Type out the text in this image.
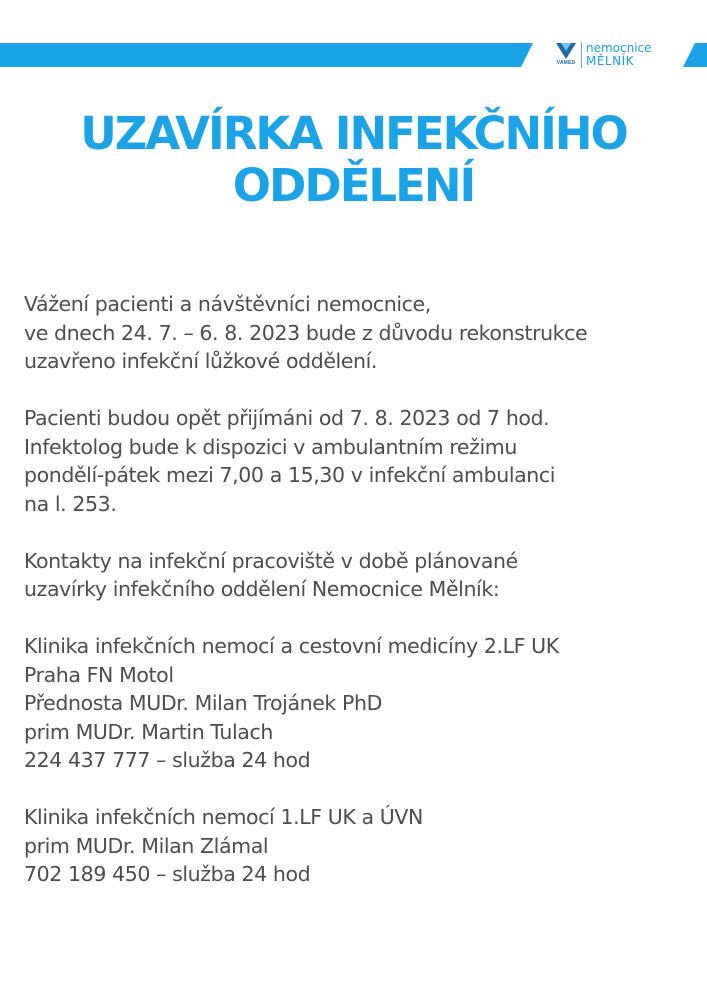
VAMED
nemocnice
MĚLNÍK
UZAVÍRKA INFEKČNÍHO
ODDĚLENÍ

Vážení pacienti a návštěvníci nemocnice,
ve dnech 24. 7. – 6. 8. 2023 bude z důvodu rekonstrukce
uzavřeno infekční lůžkové oddělení.

Pacienti budou opět přijímáni od 7. 8. 2023 od 7 hod.
Infektolog bude k dispozici v ambulantním režimu
pondělí-pátek mezi 7,00 a 15,30 v infekční ambulanci
na l. 253.

Kontakty na infekční pracoviště v době plánované
uzavírky infekčního oddělení Nemocnice Mělník:

Klinika infekčních nemocí a cestovní medicíny 2.LF UK
Praha FN Motol
Přednosta MUDr. Milan Trojánek PhD
prim MUDr. Martin Tulach
224 437 777 – služba 24 hod

Klinika infekčních nemocí 1.LF UK a ÚVN
prim MUDr. Milan Zlámal
702 189 450 – služba 24 hod
